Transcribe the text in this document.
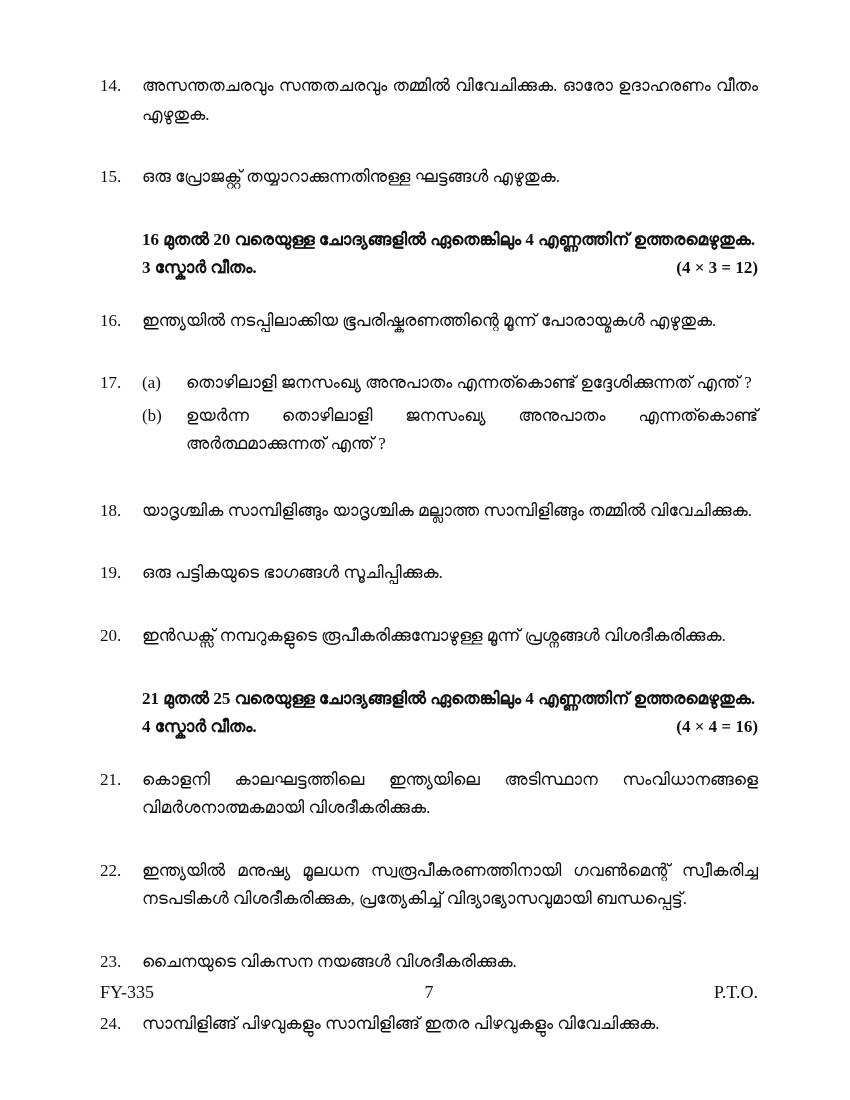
14.	അസന്തതചരവും സന്തതചരവും തമ്മിൽ വിവേചിക്കുക. ഓരോ ഉദാഹരണം വീതം എഴുതുക.
15.	ഒരു പ്രോജക്റ്റ് തയ്യാറാക്കുന്നതിനുള്ള ഘട്ടങ്ങൾ എഴുതുക.
16 മുതൽ 20 വരെയുള്ള ചോദ്യങ്ങളിൽ ഏതെങ്കിലും 4 എണ്ണത്തിന് ഉത്തരമെഴുതുക.
3 സ്കോർ വീതം.	(4 × 3 = 12)
16.	ഇന്ത്യയിൽ നടപ്പിലാക്കിയ ഭൂപരിഷ്കരണത്തിന്റെ മൂന്ന് പോരായ്മകൾ എഴുതുക.
17.	(a)	തൊഴിലാളി ജനസംഖ്യ അനുപാതം എന്നത്കൊണ്ട് ഉദ്ദേശിക്കുന്നത് എന്ത് ?
(b)	ഉയർന്ന തൊഴിലാളി ജനസംഖ്യ അനുപാതം എന്നത്കൊണ്ട് അർത്ഥമാക്കുന്നത് എന്ത് ?
18.	യാദൃശ്ചിക സാമ്പിളിങ്ങും യാദൃശ്ചിക മല്ലാത്ത സാമ്പിളിങ്ങും തമ്മിൽ വിവേചിക്കുക.
19.	ഒരു പട്ടികയുടെ ഭാഗങ്ങൾ സൂചിപ്പിക്കുക.
20.	ഇൻഡക്സ് നമ്പറുകളുടെ രൂപീകരിക്കുമ്പോഴുള്ള മൂന്ന് പ്രശ്നങ്ങൾ വിശദീകരിക്കുക.
21 മുതൽ 25 വരെയുള്ള ചോദ്യങ്ങളിൽ ഏതെങ്കിലും 4 എണ്ണത്തിന് ഉത്തരമെഴുതുക.
4 സ്കോർ വീതം.	(4 × 4 = 16)
21.	കൊളനി കാലഘട്ടത്തിലെ ഇന്ത്യയിലെ അടിസ്ഥാന സംവിധാനങ്ങളെ വിമർശനാത്മകമായി വിശദീകരിക്കുക.
22.	ഇന്ത്യയിൽ മനുഷ്യ മൂലധന സ്വരൂപീകരണത്തിനായി ഗവൺമെന്റ് സ്വീകരിച്ച നടപടികൾ വിശദീകരിക്കുക, പ്രത്യേകിച്ച് വിദ്യാഭ്യാസവുമായി ബന്ധപ്പെട്ട്.
23.	ചൈനയുടെ വികസന നയങ്ങൾ വിശദീകരിക്കുക.
24.	സാമ്പിളിങ്ങ് പിഴവുകളും സാമ്പിളിങ്ങ് ഇതര പിഴവുകളും വിവേചിക്കുക.
FY-335	7	P.T.O.
